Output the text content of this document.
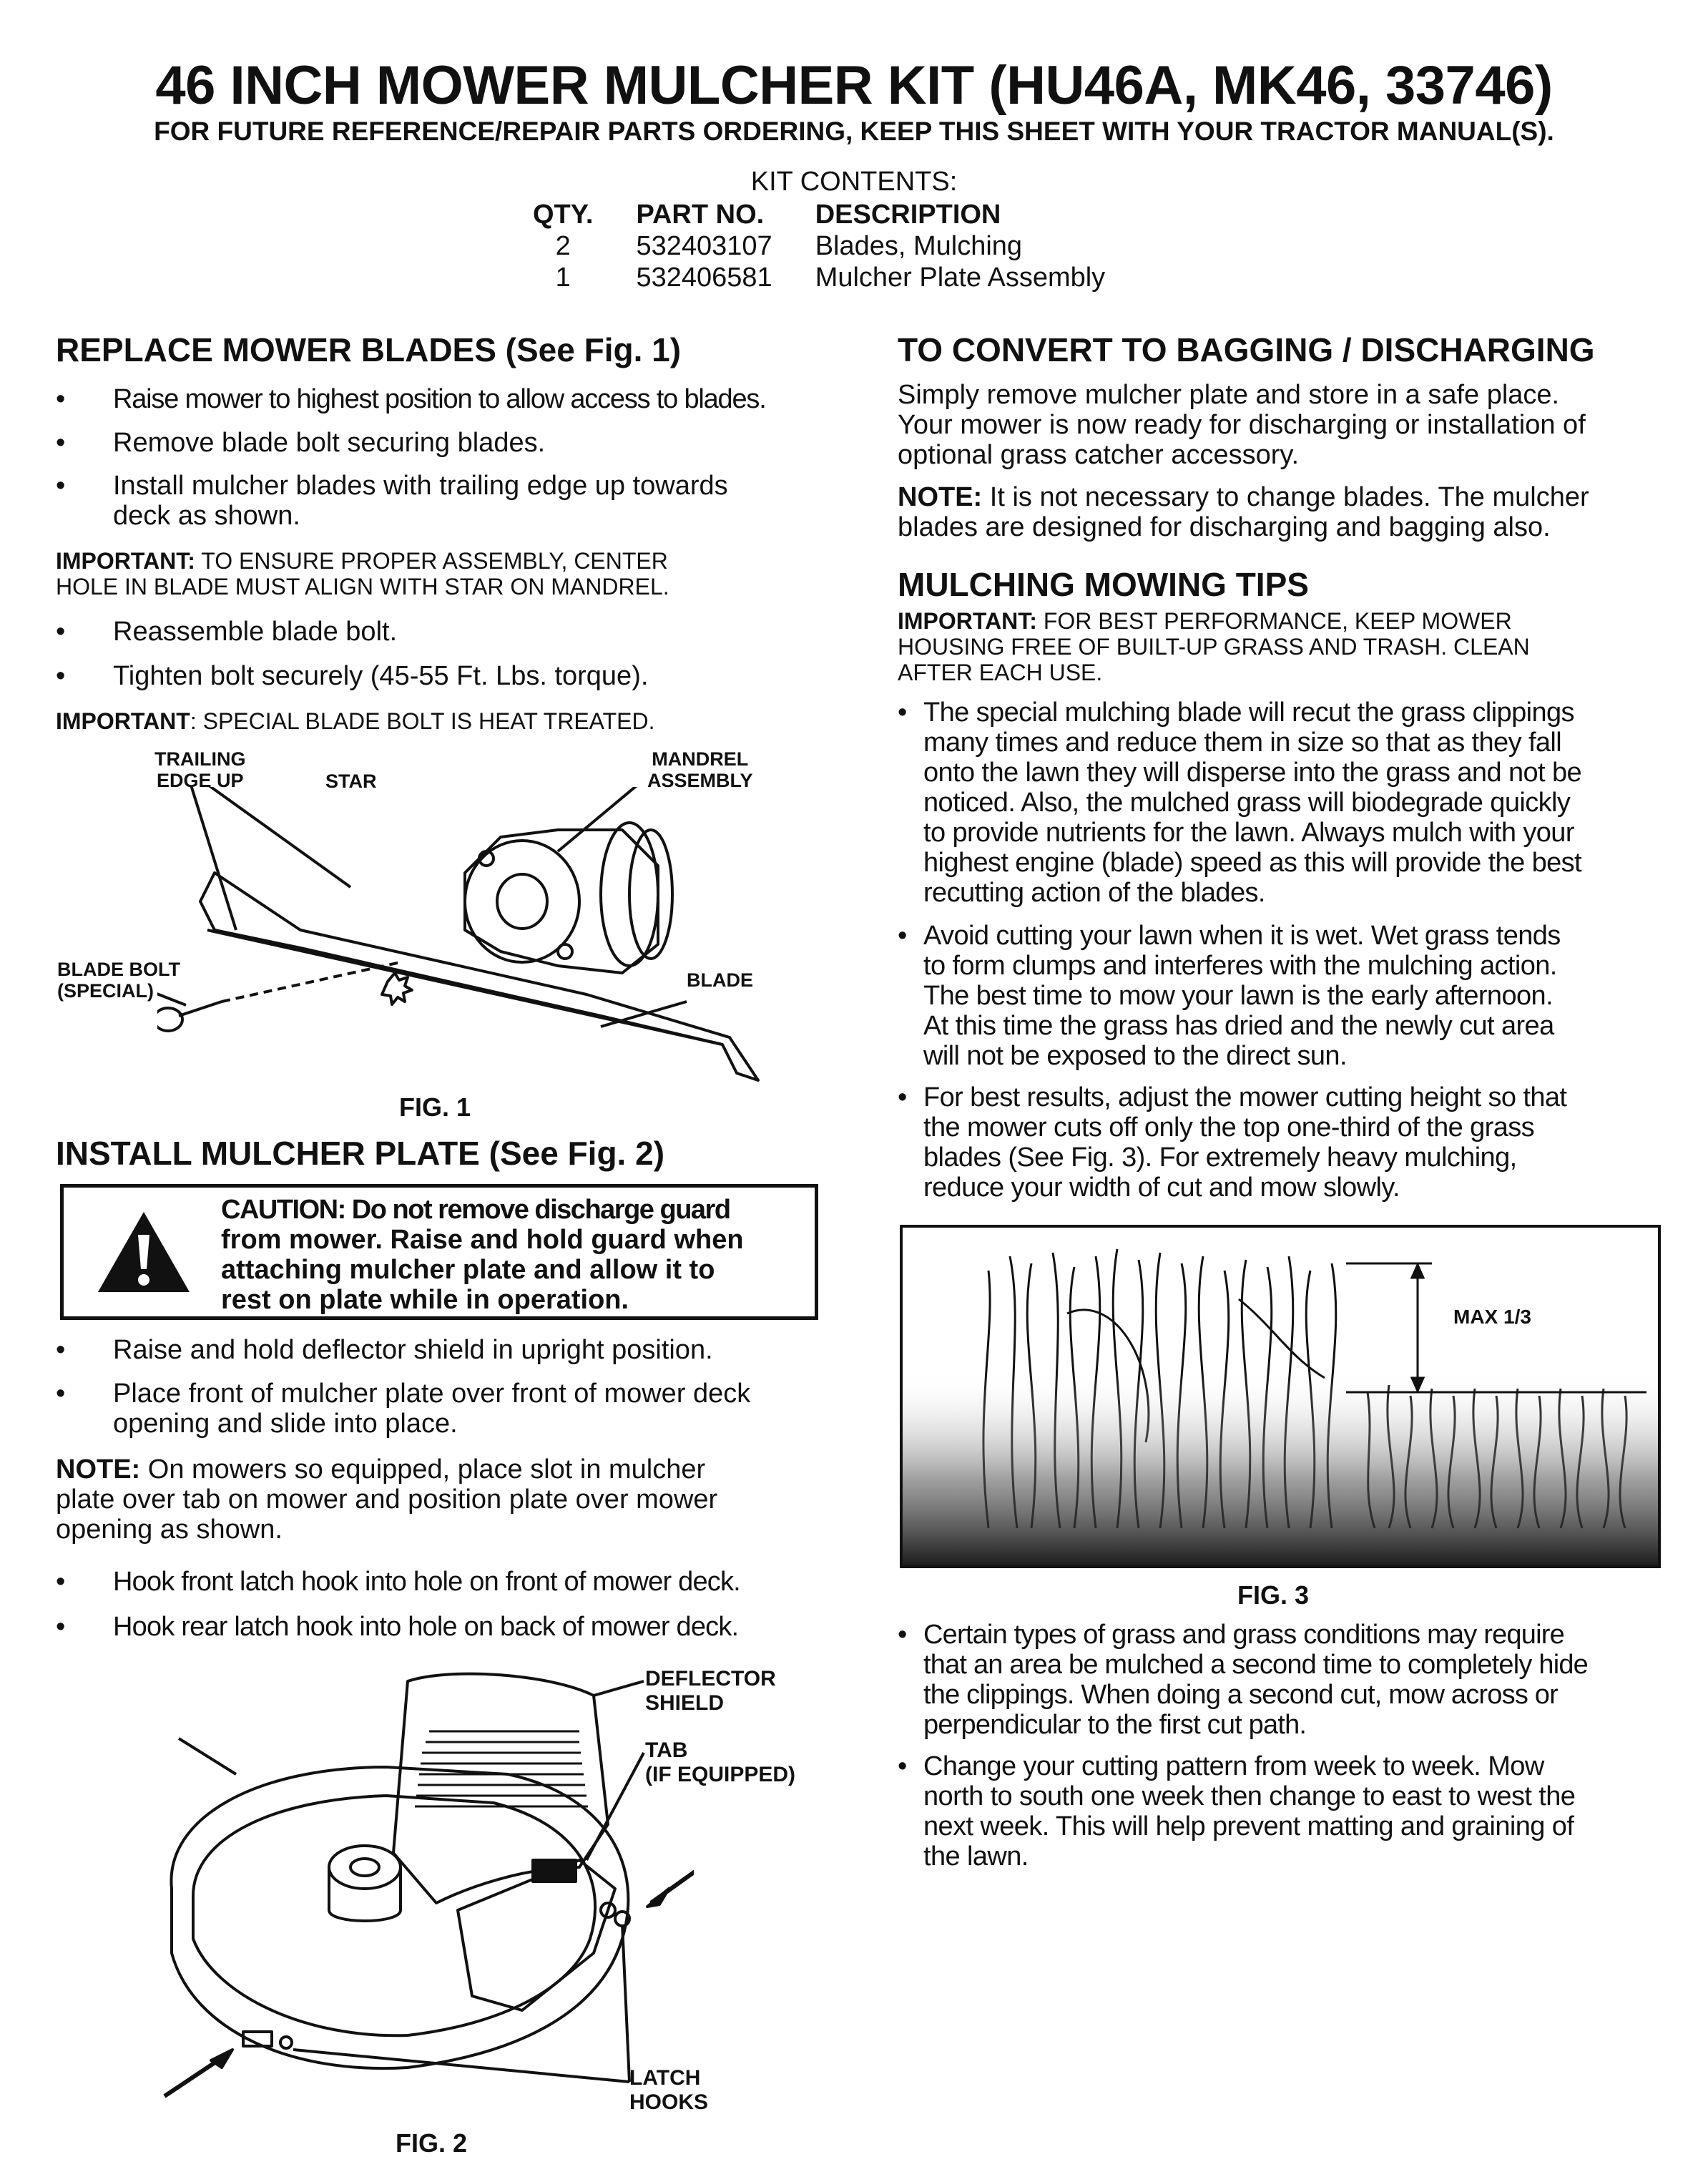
46 INCH MOWER MULCHER KIT (HU46A, MK46, 33746)
FOR FUTURE REFERENCE/REPAIR PARTS ORDERING, KEEP THIS SHEET WITH YOUR TRACTOR MANUAL(S).
KIT CONTENTS:
QTY.	PART NO.	DESCRIPTION
2	532403107	Blades, Mulching
1	532406581	Mulcher Plate Assembly
REPLACE MOWER BLADES (See Fig. 1)
• Raise mower to highest position to allow access to blades.
• Remove blade bolt securing blades.
• Install mulcher blades with trailing edge up towards
deck as shown.
IMPORTANT: TO ENSURE PROPER ASSEMBLY, CENTER
HOLE IN BLADE MUST ALIGN WITH STAR ON MANDREL.
• Reassemble blade bolt.
• Tighten bolt securely (45-55 Ft. Lbs. torque).
IMPORTANT: SPECIAL BLADE BOLT IS HEAT TREATED.
TRAILING
EDGE UP	STAR
MANDREL
ASSEMBLY
BLADE BOLT
(SPECIAL)	BLADE
FIG. 1
INSTALL MULCHER PLATE (See Fig. 2)
CAUTION: Do not remove discharge guard
from mower. Raise and hold guard when
attaching mulcher plate and allow it to
rest on plate while in operation.
• Raise and hold deflector shield in upright position.
• Place front of mulcher plate over front of mower deck
opening and slide into place.
NOTE: On mowers so equipped, place slot in mulcher
plate over tab on mower and position plate over mower
opening as shown.
• Hook front latch hook into hole on front of mower deck.
• Hook rear latch hook into hole on back of mower deck.
DEFLECTOR
SHIELD
TAB
(IF EQUIPPED)
LATCH
HOOKS
FIG. 2
TO CONVERT TO BAGGING / DISCHARGING
Simply remove mulcher plate and store in a safe place.
Your mower is now ready for discharging or installation of
optional grass catcher accessory.
NOTE: It is not necessary to change blades. The mulcher
blades are designed for discharging and bagging also.
MULCHING MOWING TIPS
IMPORTANT: FOR BEST PERFORMANCE, KEEP MOWER
HOUSING FREE OF BUILT-UP GRASS AND TRASH. CLEAN
AFTER EACH USE.
• The special mulching blade will recut the grass clippings
many times and reduce them in size so that as they fall
onto the lawn they will disperse into the grass and not be
noticed. Also, the mulched grass will biodegrade quickly
to provide nutrients for the lawn. Always mulch with your
highest engine (blade) speed as this will provide the best
recutting action of the blades.
• Avoid cutting your lawn when it is wet. Wet grass tends
to form clumps and interferes with the mulching action.
The best time to mow your lawn is the early afternoon.
At this time the grass has dried and the newly cut area
will not be exposed to the direct sun.
• For best results, adjust the mower cutting height so that
the mower cuts off only the top one-third of the grass
blades (See Fig. 3). For extremely heavy mulching,
reduce your width of cut and mow slowly.
MAX 1/3
FIG. 3
• Certain types of grass and grass conditions may require
that an area be mulched a second time to completely hide
the clippings. When doing a second cut, mow across or
perpendicular to the first cut path.
• Change your cutting pattern from week to week. Mow
north to south one week then change to east to west the
next week. This will help prevent matting and graining of
the lawn.
